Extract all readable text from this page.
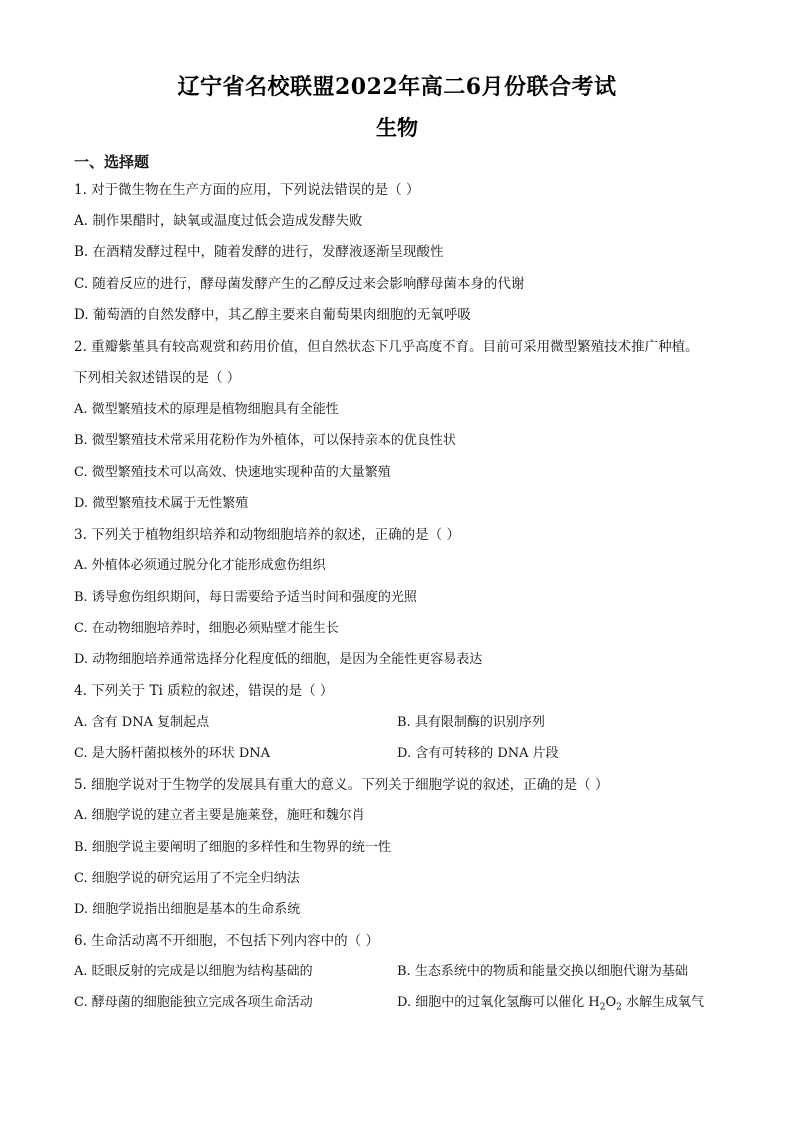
辽宁省名校联盟2022年高二6月份联合考试
生物
一、选择题
1. 对于微生物在生产方面的应用，下列说法错误的是（ ）
A. 制作果醋时，缺氧或温度过低会造成发酵失败
B. 在酒精发酵过程中，随着发酵的进行，发酵液逐渐呈现酸性
C. 随着反应的进行，酵母菌发酵产生的乙醇反过来会影响酵母菌本身的代谢
D. 葡萄酒的自然发酵中，其乙醇主要来自葡萄果肉细胞的无氧呼吸
2. 重瓣紫堇具有较高观赏和药用价值，但自然状态下几乎高度不育。目前可采用微型繁殖技术推广种植。
下列相关叙述错误的是（ ）
A. 微型繁殖技术的原理是植物细胞具有全能性
B. 微型繁殖技术常采用花粉作为外植体，可以保持亲本的优良性状
C. 微型繁殖技术可以高效、快速地实现种苗的大量繁殖
D. 微型繁殖技术属于无性繁殖
3. 下列关于植物组织培养和动物细胞培养的叙述，正确的是（ ）
A. 外植体必须通过脱分化才能形成愈伤组织
B. 诱导愈伤组织期间，每日需要给予适当时间和强度的光照
C. 在动物细胞培养时，细胞必须贴壁才能生长
D. 动物细胞培养通常选择分化程度低的细胞，是因为全能性更容易表达
4. 下列关于 Ti 质粒的叙述，错误的是（ ）
A. 含有 DNA 复制起点	B. 具有限制酶的识别序列
C. 是大肠杆菌拟核外的环状 DNA	D. 含有可转移的 DNA 片段
5. 细胞学说对于生物学的发展具有重大的意义。下列关于细胞学说的叙述，正确的是（ ）
A. 细胞学说的建立者主要是施莱登，施旺和魏尔肖
B. 细胞学说主要阐明了细胞的多样性和生物界的统一性
C. 细胞学说的研究运用了不完全归纳法
D. 细胞学说指出细胞是基本的生命系统
6. 生命活动离不开细胞，不包括下列内容中的（ ）
A. 眨眼反射的完成是以细胞为结构基础的	B. 生态系统中的物质和能量交换以细胞代谢为基础
C. 酵母菌的细胞能独立完成各项生命活动	D. 细胞中的过氧化氢酶可以催化 $H_2O_2$ 水解生成氧气
